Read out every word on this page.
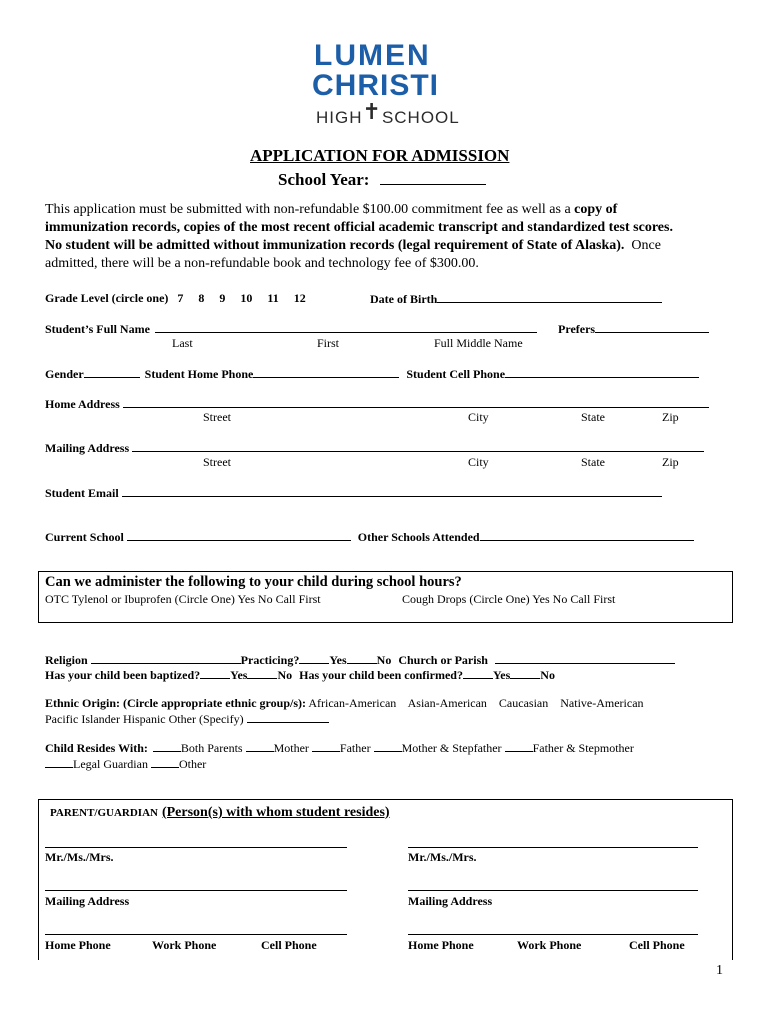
LUMEN
CHRISTI
HIGH✝SCHOOL
APPLICATION FOR ADMISSION
School Year:
This application must be submitted with non-refundable $100.00 commitment fee as well as a copy of
immunization records, copies of the most recent official academic transcript and standardized test scores.
No student will be admitted without immunization records (legal requirement of State of Alaska).  Once
admitted, there will be a non-refundable book and technology fee of $300.00.
Grade Level (circle one) 7 8 9 10 11 12	Date of Birth
Student’s Full Name	Prefers
Last	First	Full Middle Name
Gender	Student Home Phone	Student Cell Phone
Home Address
Street	City	State	Zip
Mailing Address
Street	City	State	Zip
Student Email
Current School	Other Schools Attended
Can we administer the following to your child during school hours?
OTC Tylenol or Ibuprofen (Circle One) Yes No Call First	Cough Drops (Circle One) Yes No Call First
Religion	Practicing?	Yes	No Church or Parish
Has your child been baptized?	Yes	No Has your child been confirmed?	Yes	No
Ethnic Origin: (Circle appropriate ethnic group/s): African-American    Asian-American    Caucasian    Native-American
Pacific Islander Hispanic Other (Specify)
Child Resides With:	Both Parents	Mother	Father	Mother & Stepfather	Father & Stepmother
Legal Guardian	Other
PARENT/GUARDIAN (Person(s) with whom student resides)
Mr./Ms./Mrs.	Mr./Ms./Mrs.
Mailing Address	Mailing Address
Home Phone	Work Phone	Cell Phone	Home Phone	Work Phone	Cell Phone
1
